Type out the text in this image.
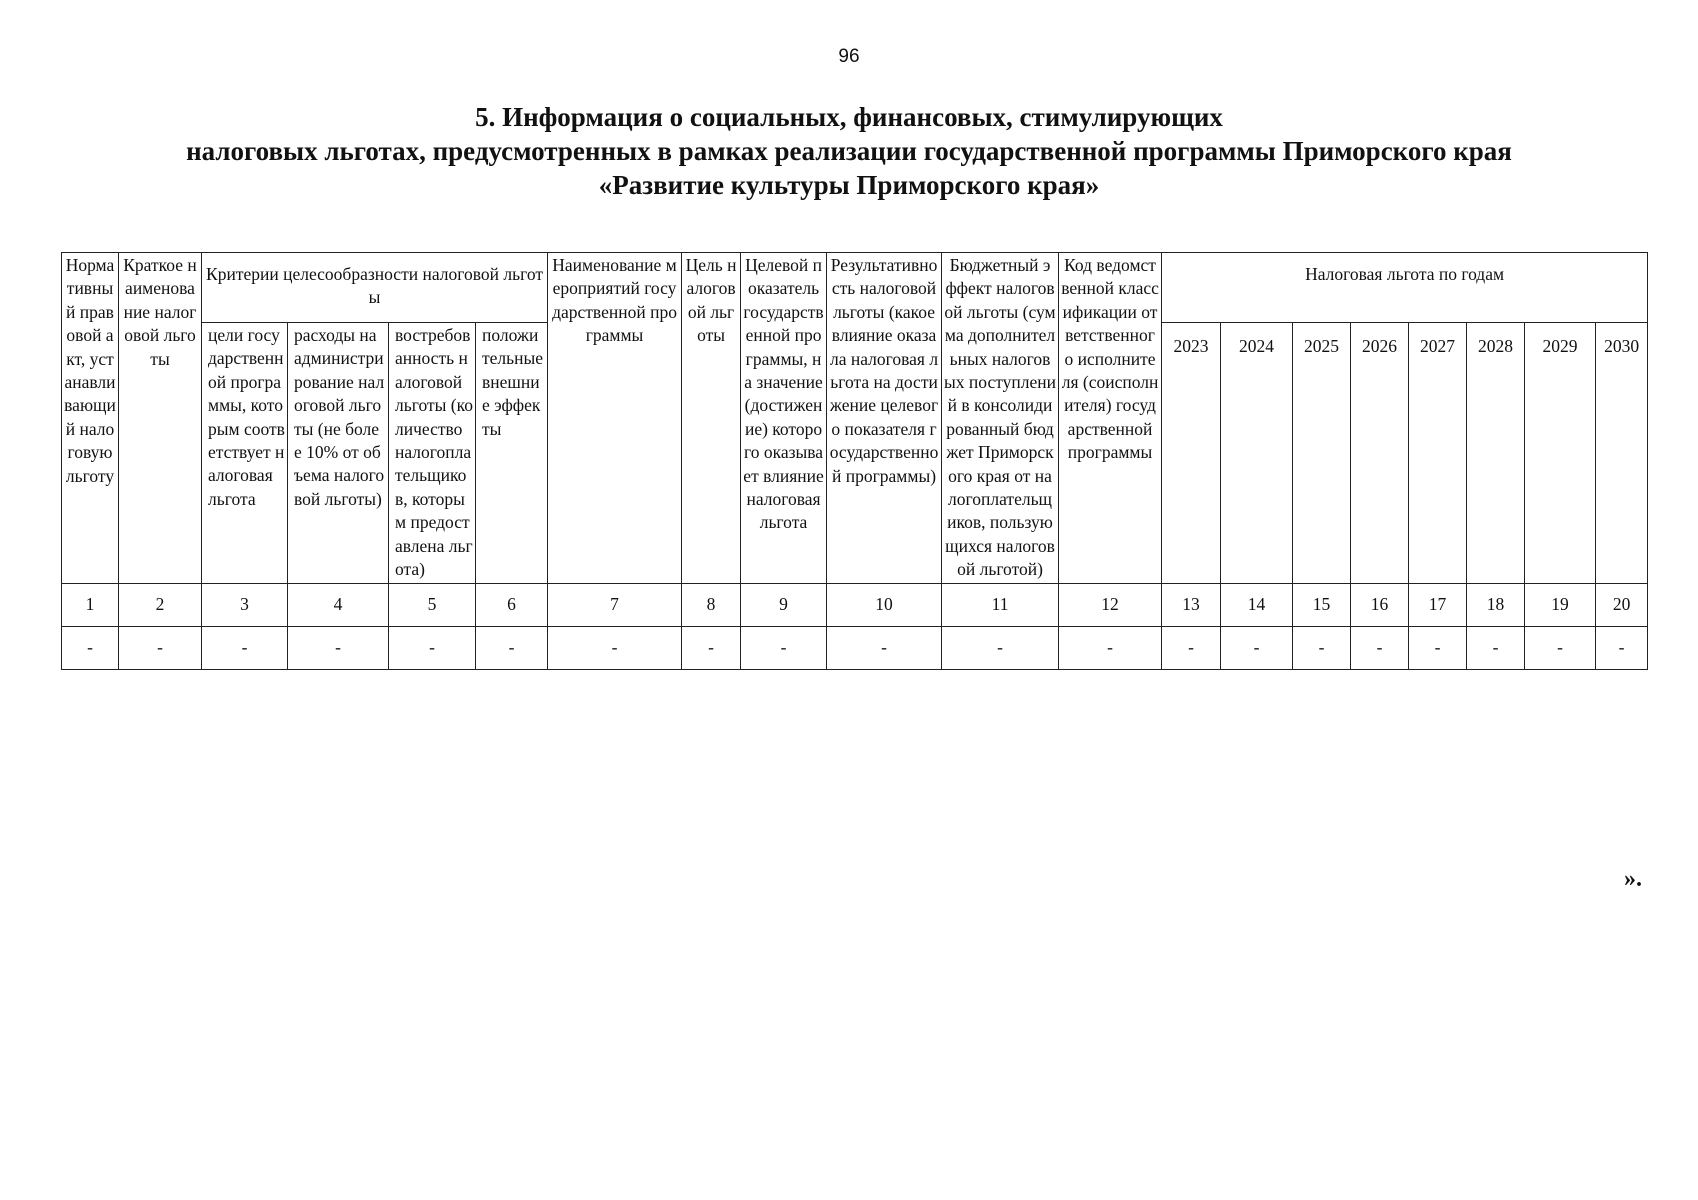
96
5. Информация о социальных, финансовых, стимулирующих
налоговых льготах, предусмотренных в рамках реализации государственной программы Приморского края
«Развитие культуры Приморского края»
Нормативный правовой акт, устанавливающий налоговую льготу	Краткое наименование налоговой льготы	Критерии целесообразности налоговой льготы				Наименование мероприятий государственной программы	Цель налоговой льготы	Целевой показатель государственной программы, на значение (достижение) которого оказывает влияние налоговая льгота	Результативность налоговой льготы (какое влияние оказала налоговая льгота на достижение целевого показателя государственной программы)	Бюджетный эффект налоговой льготы (сумма дополнительных налоговых поступлений в консолидированный бюджет Приморского края от налогоплательщиков, пользующихся налоговой льготой)	Код ведомственной классификации ответственного исполнителя (соисполнителя) государственной программы	Налоговая льгота по годам							
		цели государственной программы, которым соответствует налоговая льгота	расходы на администрирование налоговой льготы (не более 10% от объема налоговой льготы)	востребованность налоговой льготы (количество налогоплательщиков, которым предоставлена льгота)	положительные внешние эффекты							2023	2024	2025	2026	2027	2028	2029	2030
1	2	3	4	5	6	7	8	9	10	11	12	13	14	15	16	17	18	19	20
-	-	-	-	-	-	-	-	-	-	-	-	-	-	-	-	-	-	-	-
».
